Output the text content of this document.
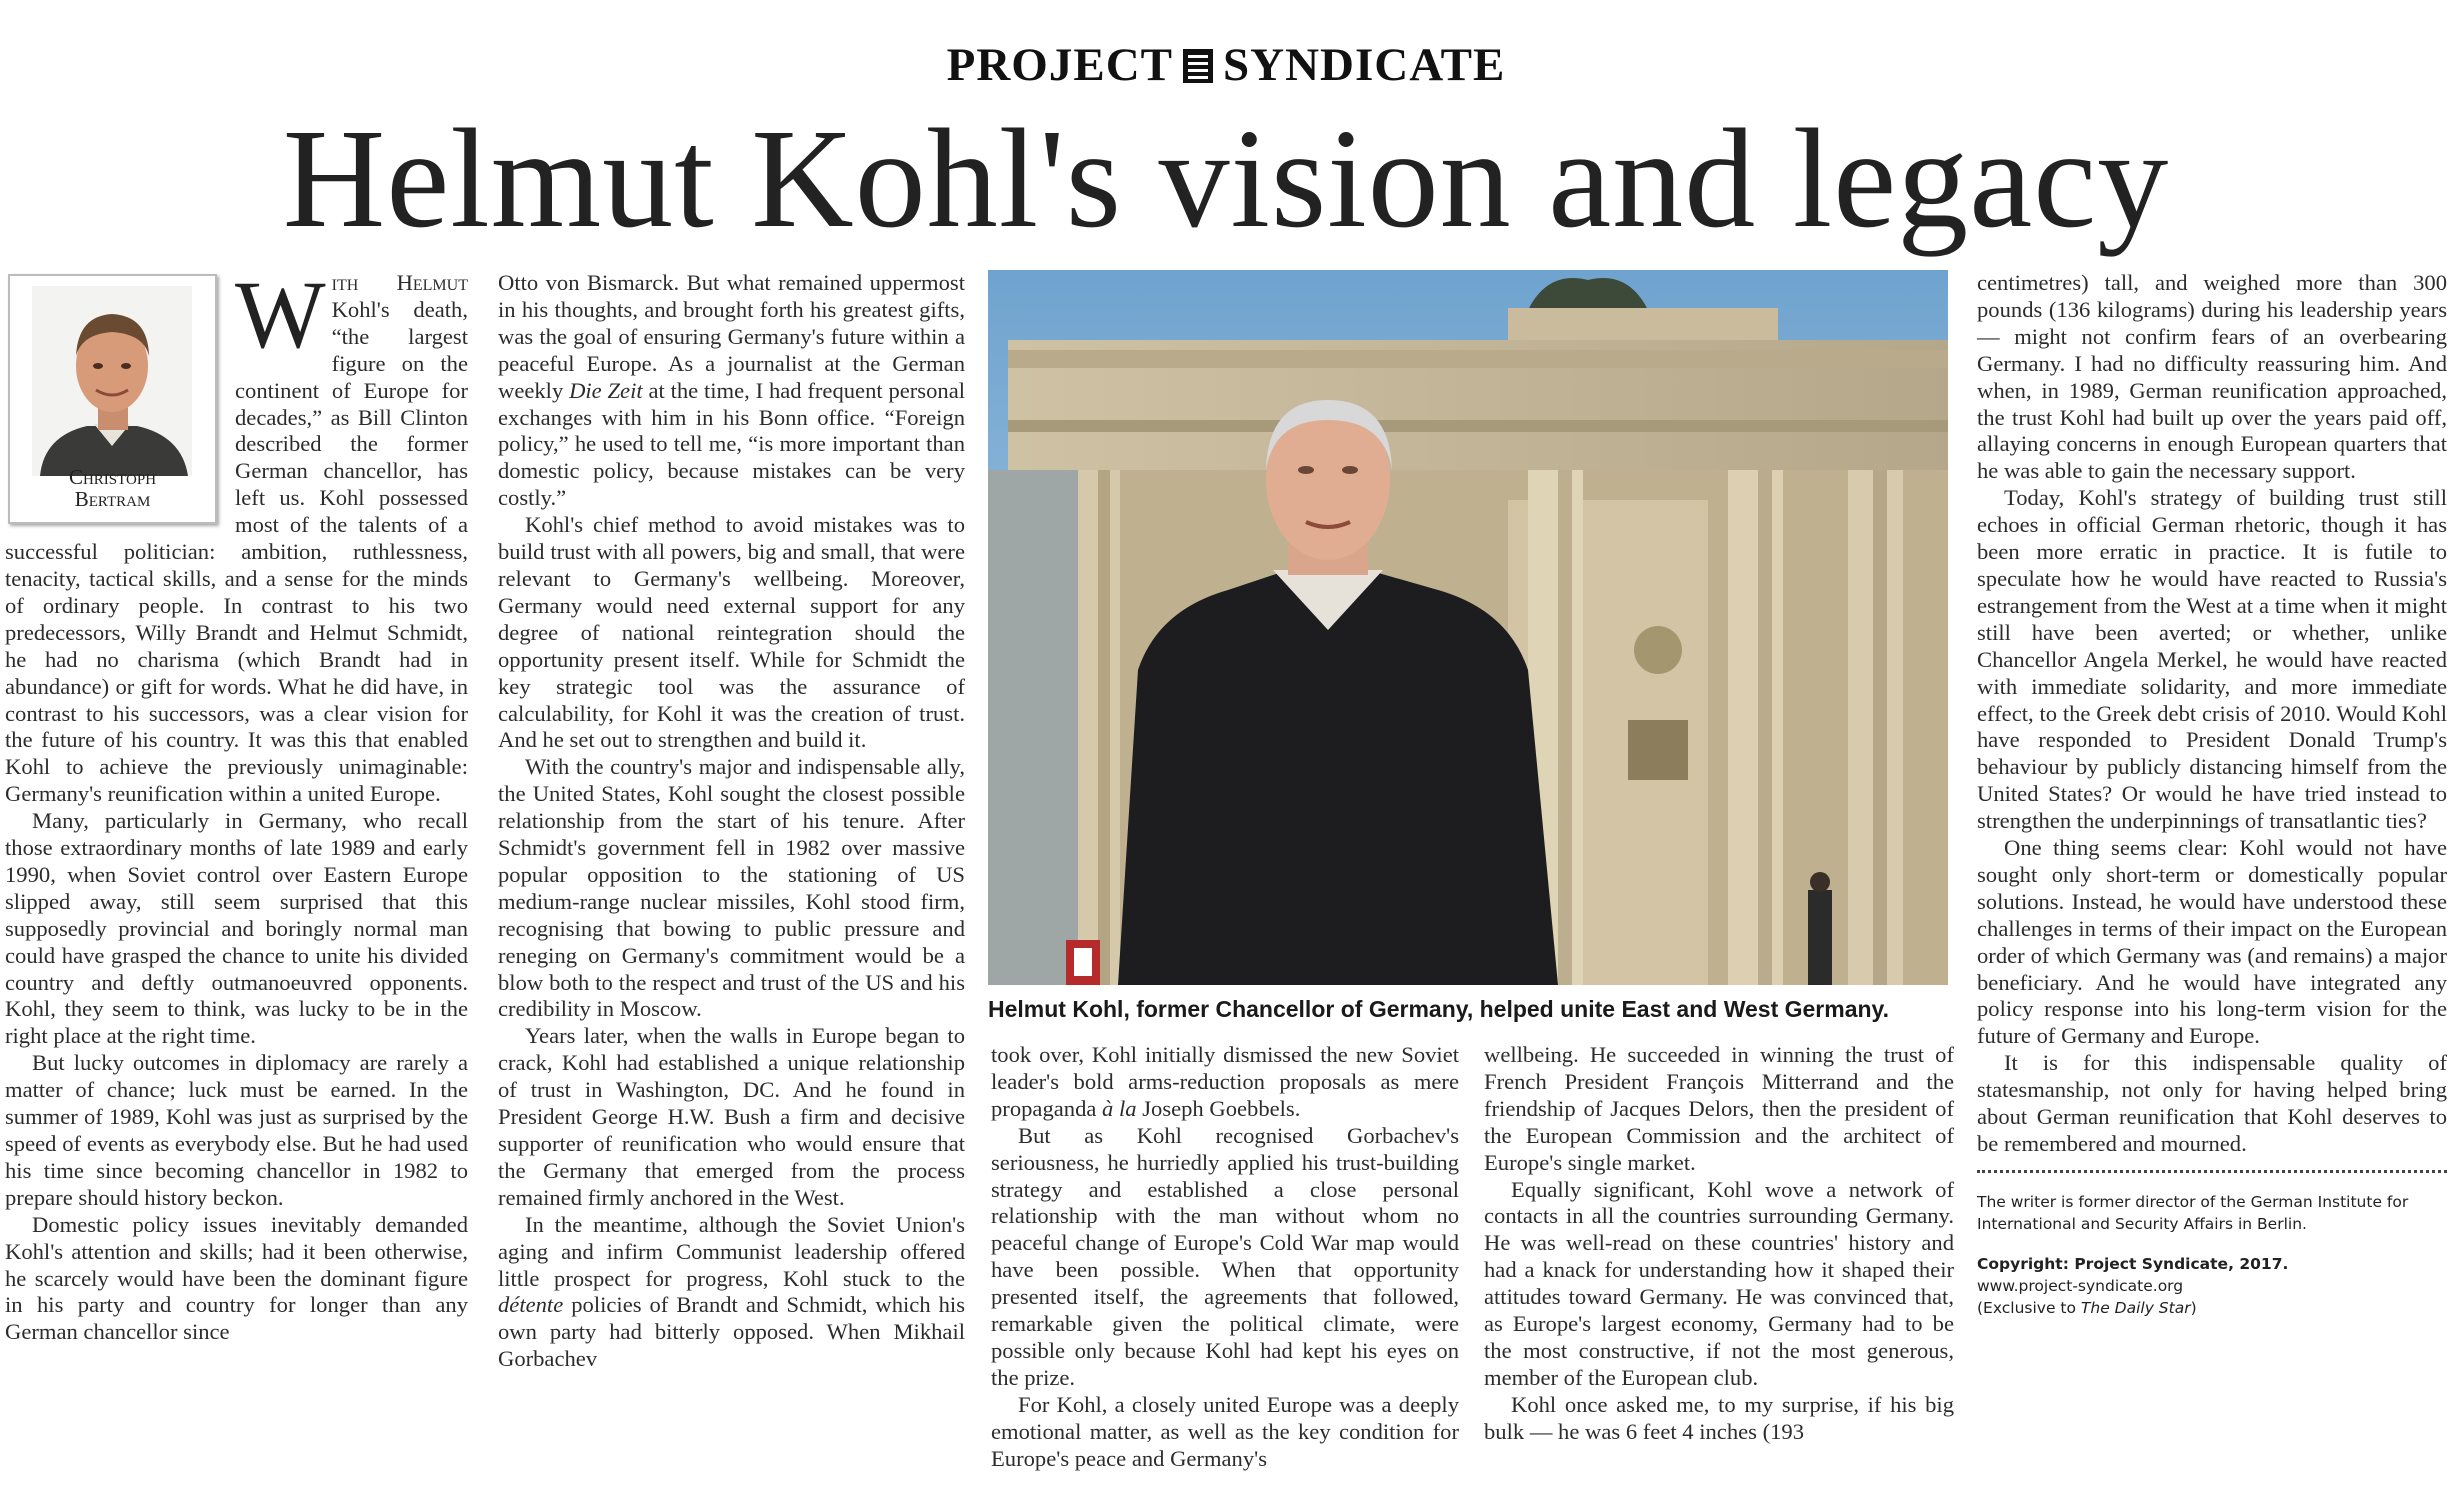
PROJECT SYNDICATE
Helmut Kohl's vision and legacy
Christoph
Bertram

With Helmut Kohl's death, “the largest figure on the continent of Europe for decades,” as Bill Clinton described the former German chancellor, has left us. Kohl possessed most of the talents of a successful politician: ambition, ruthlessness, tenacity, tactical skills, and a sense for the minds of ordinary people. In contrast to his two predecessors, Willy Brandt and Helmut Schmidt, he had no charisma (which Brandt had in abundance) or gift for words. What he did have, in contrast to his successors, was a clear vision for the future of his country. It was this that enabled Kohl to achieve the previously unimaginable: Germany's reunification within a united Europe.

Many, particularly in Germany, who recall those extraordinary months of late 1989 and early 1990, when Soviet control over Eastern Europe slipped away, still seem surprised that this supposedly provincial and boringly normal man could have grasped the chance to unite his divided country and deftly outmanoeuvred opponents. Kohl, they seem to think, was lucky to be in the right place at the right time.

But lucky outcomes in diplomacy are rarely a matter of chance; luck must be earned. In the summer of 1989, Kohl was just as surprised by the speed of events as everybody else. But he had used his time since becoming chancellor in 1982 to prepare should history beckon.

Domestic policy issues inevitably demanded Kohl's attention and skills; had it been otherwise, he scarcely would have been the dominant figure in his party and country for longer than any German chancellor since

Otto von Bismarck. But what remained uppermost in his thoughts, and brought forth his greatest gifts, was the goal of ensuring Germany's future within a peaceful Europe. As a journalist at the German weekly Die Zeit at the time, I had frequent personal exchanges with him in his Bonn office. “Foreign policy,” he used to tell me, “is more important than domestic policy, because mistakes can be very costly.”

Kohl's chief method to avoid mistakes was to build trust with all powers, big and small, that were relevant to Germany's wellbeing. Moreover, Germany would need external support for any degree of national reintegration should the opportunity present itself. While for Schmidt the key strategic tool was the assurance of calculability, for Kohl it was the creation of trust. And he set out to strengthen and build it.

With the country's major and indispensable ally, the United States, Kohl sought the closest possible relationship from the start of his tenure. After Schmidt's government fell in 1982 over massive popular opposition to the stationing of US medium-range nuclear missiles, Kohl stood firm, recognising that bowing to public pressure and reneging on Germany's commitment would be a blow both to the respect and trust of the US and his credibility in Moscow.

Years later, when the walls in Europe began to crack, Kohl had established a unique relationship of trust in Washington, DC. And he found in President George H.W. Bush a firm and decisive supporter of reunification who would ensure that the Germany that emerged from the process remained firmly anchored in the West.

In the meantime, although the Soviet Union's aging and infirm Communist leadership offered little prospect for progress, Kohl stuck to the détente policies of Brandt and Schmidt, which his own party had bitterly opposed. When Mikhail Gorbachev

Helmut Kohl, former Chancellor of Germany, helped unite East and West Germany.

took over, Kohl initially dismissed the new Soviet leader's bold arms-reduction proposals as mere propaganda à la Joseph Goebbels.

But as Kohl recognised Gorbachev's seriousness, he hurriedly applied his trust-building strategy and established a close personal relationship with the man without whom no peaceful change of Europe's Cold War map would have been possible. When that opportunity presented itself, the agreements that followed, remarkable given the political climate, were possible only because Kohl had kept his eyes on the prize.

For Kohl, a closely united Europe was a deeply emotional matter, as well as the key condition for Europe's peace and Germany's

wellbeing. He succeeded in winning the trust of French President François Mitterrand and the friendship of Jacques Delors, then the president of the European Commission and the architect of Europe's single market.

Equally significant, Kohl wove a network of contacts in all the countries surrounding Germany. He was well-read on these countries' history and had a knack for understanding how it shaped their attitudes toward Germany. He was convinced that, as Europe's largest economy, Germany had to be the most constructive, if not the most generous, member of the European club.

Kohl once asked me, to my surprise, if his big bulk — he was 6 feet 4 inches (193

centimetres) tall, and weighed more than 300 pounds (136 kilograms) during his leadership years — might not confirm fears of an overbearing Germany. I had no difficulty reassuring him. And when, in 1989, German reunification approached, the trust Kohl had built up over the years paid off, allaying concerns in enough European quarters that he was able to gain the necessary support.

Today, Kohl's strategy of building trust still echoes in official German rhetoric, though it has been more erratic in practice. It is futile to speculate how he would have reacted to Russia's estrangement from the West at a time when it might still have been averted; or whether, unlike Chancellor Angela Merkel, he would have reacted with immediate solidarity, and more immediate effect, to the Greek debt crisis of 2010. Would Kohl have responded to President Donald Trump's behaviour by publicly distancing himself from the United States? Or would he have tried instead to strengthen the underpinnings of transatlantic ties?

One thing seems clear: Kohl would not have sought only short-term or domestically popular solutions. Instead, he would have understood these challenges in terms of their impact on the European order of which Germany was (and remains) a major beneficiary. And he would have integrated any policy response into his long-term vision for the future of Germany and Europe.

It is for this indispensable quality of statesmanship, not only for having helped bring about German reunification that Kohl deserves to be remembered and mourned.

The writer is former director of the German Institute for International and Security Affairs in Berlin.
Copyright: Project Syndicate, 2017.
www.project-syndicate.org
(Exclusive to The Daily Star)
